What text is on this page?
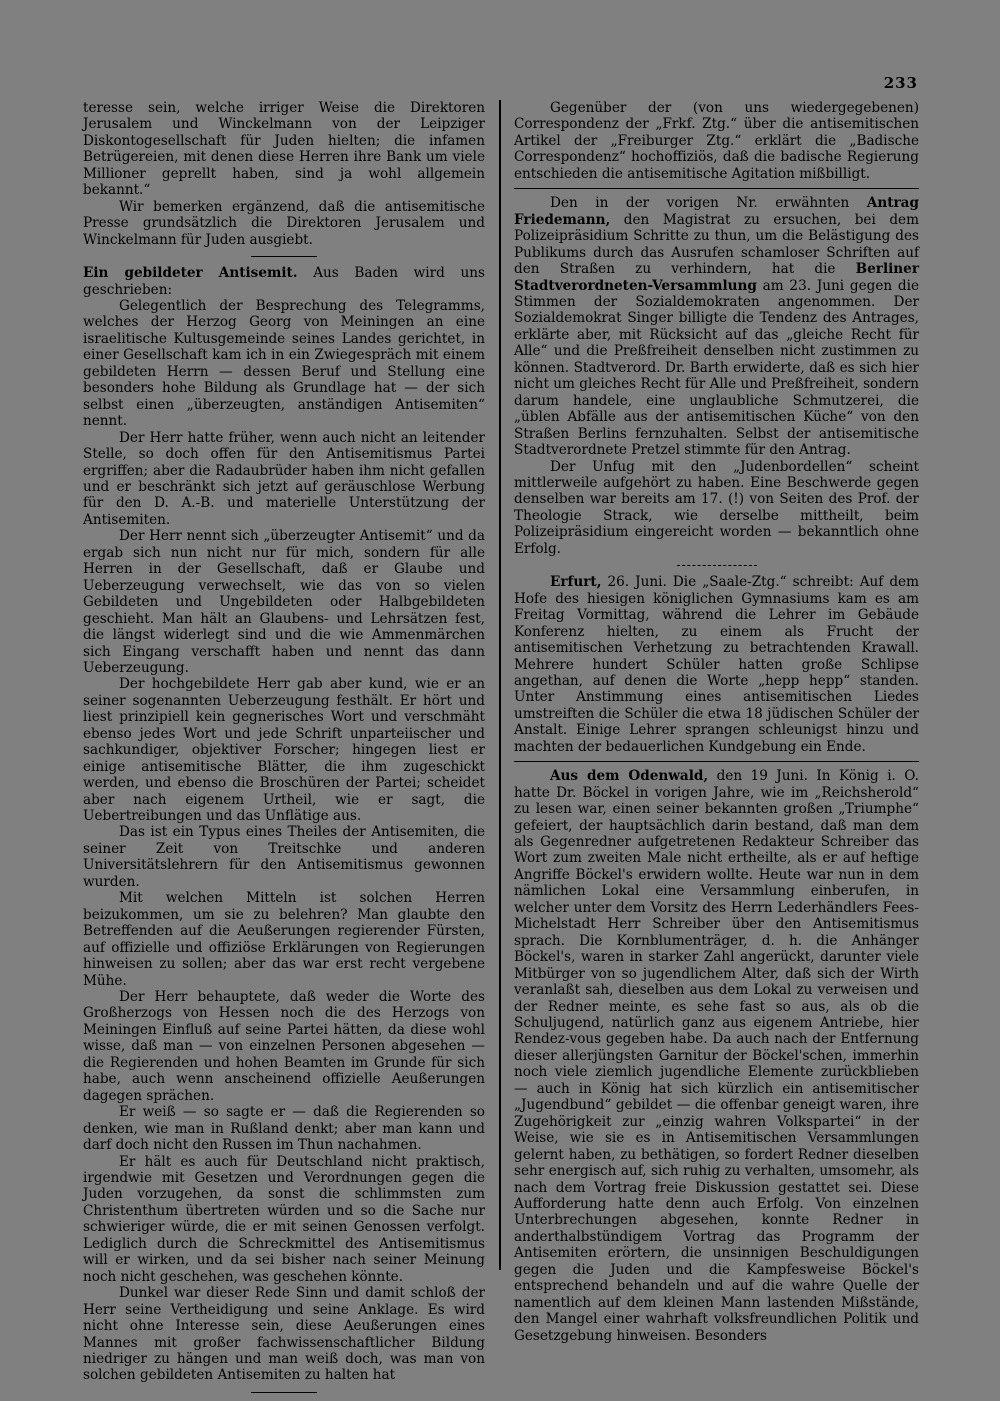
233

teresse sein, welche irriger Weise die Direktoren Jerusalem und Winckelmann von der Leipziger Diskontogesellschaft für Juden hielten; die infamen Betrügereien, mit denen diese Herren ihre Bank um viele Millioner geprellt haben, sind ja wohl allgemein bekannt.“

Wir bemerken ergänzend, daß die antisemitische Presse grundsätzlich die Direktoren Jerusalem und Winckelmann für Juden ausgiebt.

Ein gebildeter Antisemit. Aus Baden wird uns geschrieben:

Gelegentlich der Besprechung des Telegramms, welches der Herzog Georg von Meiningen an eine israelitische Kultusgemeinde seines Landes gerichtet, in einer Gesellschaft kam ich in ein Zwiegespräch mit einem gebildeten Herrn — dessen Beruf und Stellung eine besonders hohe Bildung als Grundlage hat — der sich selbst einen „überzeugten, anständigen Antisemiten“ nennt.

Der Herr hatte früher, wenn auch nicht an leitender Stelle, so doch offen für den Antisemitismus Partei ergriffen; aber die Radaubrüder haben ihm nicht gefallen und er beschränkt sich jetzt auf geräuschlose Werbung für den D. A.-B. und materielle Unterstützung der Antisemiten.

Der Herr nennt sich „überzeugter Antisemit“ und da ergab sich nun nicht nur für mich, sondern für alle Herren in der Gesellschaft, daß er Glaube und Ueberzeugung verwechselt, wie das von so vielen Gebildeten und Ungebildeten oder Halbgebildeten geschieht. Man hält an Glaubens- und Lehrsätzen fest, die längst widerlegt sind und die wie Ammenmärchen sich Eingang verschafft haben und nennt das dann Ueberzeugung.

Der hochgebildete Herr gab aber kund, wie er an seiner sogenannten Ueberzeugung festhält. Er hört und liest prinzipiell kein gegnerisches Wort und verschmäht ebenso jedes Wort und jede Schrift unparteiischer und sachkundiger, objektiver Forscher; hingegen liest er einige antisemitische Blätter, die ihm zugeschickt werden, und ebenso die Broschüren der Partei; scheidet aber nach eigenem Urtheil, wie er sagt, die Uebertreibungen und das Unflätige aus.

Das ist ein Typus eines Theiles der Antisemiten, die seiner Zeit von Treitschke und anderen Universitätslehrern für den Antisemitismus gewonnen wurden.

Mit welchen Mitteln ist solchen Herren beizukommen, um sie zu belehren? Man glaubte den Betreffenden auf die Aeußerungen regierender Fürsten, auf offizielle und offiziöse Erklärungen von Regierungen hinweisen zu sollen; aber das war erst recht vergebene Mühe.

Der Herr behauptete, daß weder die Worte des Großherzogs von Hessen noch die des Herzogs von Meiningen Einfluß auf seine Partei hätten, da diese wohl wisse, daß man — von einzelnen Personen abgesehen — die Regierenden und hohen Beamten im Grunde für sich habe, auch wenn anscheinend offizielle Aeußerungen dagegen sprächen.

Er weiß — so sagte er — daß die Regierenden so denken, wie man in Rußland denkt; aber man kann und darf doch nicht den Russen im Thun nachahmen.

Er hält es auch für Deutschland nicht praktisch, irgendwie mit Gesetzen und Verordnungen gegen die Juden vorzugehen, da sonst die schlimmsten zum Christenthum übertreten würden und so die Sache nur schwieriger würde, die er mit seinen Genossen verfolgt. Lediglich durch die Schreckmittel des Antisemitismus will er wirken, und da sei bisher nach seiner Meinung noch nicht geschehen, was geschehen könnte.

Dunkel war dieser Rede Sinn und damit schloß der Herr seine Vertheidigung und seine Anklage. Es wird nicht ohne Interesse sein, diese Aeußerungen eines Mannes mit großer fachwissenschaftlicher Bildung niedriger zu hängen und man weiß doch, was man von solchen gebildeten Antisemiten zu halten hat

Gegenüber der (von uns wiedergegebenen) Correspondenz der „Frkf. Ztg.“ über die antisemitischen Artikel der „Freiburger Ztg.“ erklärt die „Badische Correspondenz“ hochoffiziös, daß die badische Regierung entschieden die antisemitische Agitation mißbilligt.

Den in der vorigen Nr. erwähnten Antrag Friedemann, den Magistrat zu ersuchen, bei dem Polizeipräsidium Schritte zu thun, um die Belästigung des Publikums durch das Ausrufen schamloser Schriften auf den Straßen zu verhindern, hat die Berliner Stadtverordneten-Versammlung am 23. Juni gegen die Stimmen der Sozialdemokraten angenommen. Der Sozialdemokrat Singer billigte die Tendenz des Antrages, erklärte aber, mit Rücksicht auf das „gleiche Recht für Alle“ und die Preßfreiheit denselben nicht zustimmen zu können. Stadtverord. Dr. Barth erwiderte, daß es sich hier nicht um gleiches Recht für Alle und Preßfreiheit, sondern darum handele, eine unglaubliche Schmutzerei, die „üblen Abfälle aus der antisemitischen Küche“ von den Straßen Berlins fernzuhalten. Selbst der antisemitische Stadtverordnete Pretzel stimmte für den Antrag.

Der Unfug mit den „Judenbordellen“ scheint mittlerweile aufgehört zu haben. Eine Beschwerde gegen denselben war bereits am 17. (!) von Seiten des Prof. der Theologie Strack, wie derselbe mittheilt, beim Polizeipräsidium eingereicht worden — bekanntlich ohne Erfolg.

Erfurt, 26. Juni. Die „Saale-Ztg.“ schreibt: Auf dem Hofe des hiesigen königlichen Gymnasiums kam es am Freitag Vormittag, während die Lehrer im Gebäude Konferenz hielten, zu einem als Frucht der antisemitischen Verhetzung zu betrachtenden Krawall. Mehrere hundert Schüler hatten große Schlipse angethan, auf denen die Worte „hepp hepp“ standen. Unter Anstimmung eines antisemitischen Liedes umstreiften die Schüler die etwa 18 jüdischen Schüler der Anstalt. Einige Lehrer sprangen schleunigst hinzu und machten der bedauerlichen Kundgebung ein Ende.

Aus dem Odenwald, den 19 Juni. In König i. O. hatte Dr. Böckel in vorigen Jahre, wie im „Reichsherold“ zu lesen war, einen seiner bekannten großen „Triumphe“ gefeiert, der hauptsächlich darin bestand, daß man dem als Gegenredner aufgetretenen Redakteur Schreiber das Wort zum zweiten Male nicht ertheilte, als er auf heftige Angriffe Böckel's erwidern wollte. Heute war nun in dem nämlichen Lokal eine Versammlung einberufen, in welcher unter dem Vorsitz des Herrn Lederhändlers Fees-Michelstadt Herr Schreiber über den Antisemitismus sprach. Die Kornblumenträger, d. h. die Anhänger Böckel's, waren in starker Zahl angerückt, darunter viele Mitbürger von so jugendlichem Alter, daß sich der Wirth veranlaßt sah, dieselben aus dem Lokal zu verweisen und der Redner meinte, es sehe fast so aus, als ob die Schuljugend, natürlich ganz aus eigenem Antriebe, hier Rendez-vous gegeben habe. Da auch nach der Entfernung dieser allerjüngsten Garnitur der Böckel'schen, immerhin noch viele ziemlich jugendliche Elemente zurückblieben — auch in König hat sich kürzlich ein antisemitischer „Jugendbund“ gebildet — die offenbar geneigt waren, ihre Zugehörigkeit zur „einzig wahren Volkspartei“ in der Weise, wie sie es in Antisemitischen Versammlungen gelernt haben, zu bethätigen, so fordert Redner dieselben sehr energisch auf, sich ruhig zu verhalten, umsomehr, als nach dem Vortrag freie Diskussion gestattet sei. Diese Aufforderung hatte denn auch Erfolg. Von einzelnen Unterbrechungen abgesehen, konnte Redner in anderthalbstündigem Vortrag das Programm der Antisemiten erörtern, die unsinnigen Beschuldigungen gegen die Juden und die Kampfesweise Böckel's entsprechend behandeln und auf die wahre Quelle der namentlich auf dem kleinen Mann lastenden Mißstände, den Mangel einer wahrhaft volksfreundlichen Politik und Gesetzgebung hinweisen. Besonders
